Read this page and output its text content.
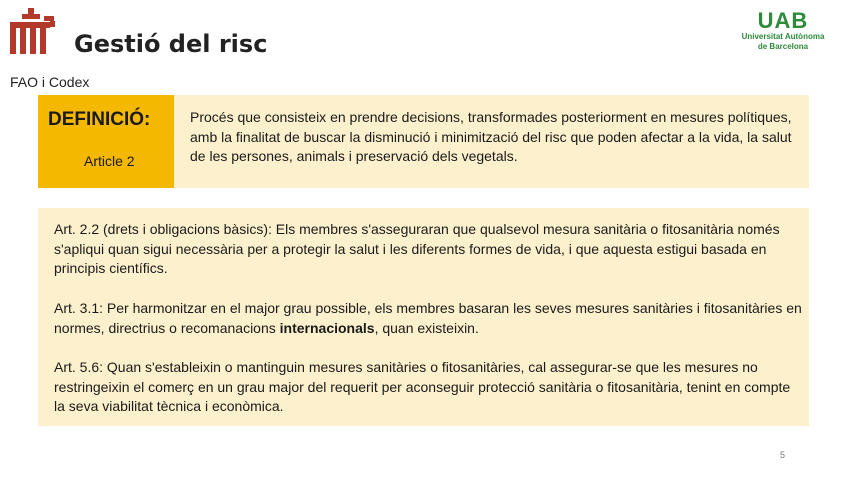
Gestió del risc
UAB
Universitat Autònoma
de Barcelona
FAO i Codex
DEFINICIÓ:
Article 2
Procés que consisteix en prendre decisions, transformades posteriorment en mesures polítiques, amb la finalitat de buscar la disminució i minimització del risc que poden afectar a la vida, la salut de les persones, animals i preservació dels vegetals.

Art. 2.2 (drets i obligacions bàsics): Els membres s'asseguraran que qualsevol mesura sanitària o fitosanitària només s'apliqui quan sigui necessària per a protegir la salut i les diferents formes de vida, i que aquesta estigui basada en principis científics.

Art. 3.1: Per harmonitzar en el major grau possible, els membres basaran les seves mesures sanitàries i fitosanitàries en normes, directrius o recomanacions internacionals, quan existeixin.

Art. 5.6: Quan s'estableixin o mantinguin mesures sanitàries o fitosanitàries, cal assegurar-se que les mesures no restringeixin el comerç en un grau major del requerit per aconseguir protecció sanitària o fitosanitària, tenint en compte la seva viabilitat tècnica i econòmica.

5
